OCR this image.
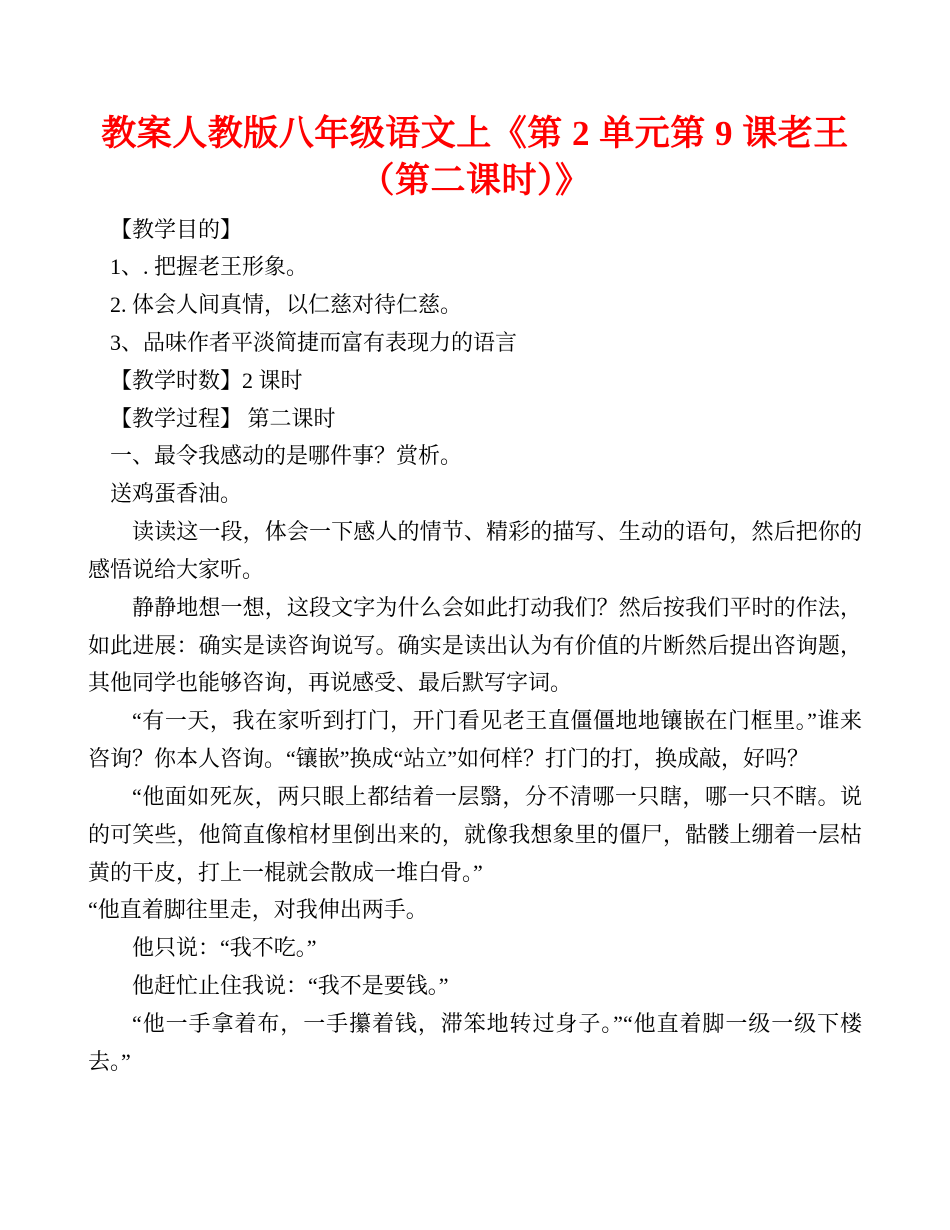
教案人教版八年级语文上《第 2 单元第 9 课老王（第二课时）》

【教学目的】

1、. 把握老王形象。

2. 体会人间真情，以仁慈对待仁慈。

3、品味作者平淡简捷而富有表现力的语言

【教学时数】2 课时

【教学过程】 第二课时

一、最令我感动的是哪件事？赏析。

送鸡蛋香油。

读读这一段，体会一下感人的情节、精彩的描写、生动的语句，然后把你的感悟说给大家听。

静静地想一想，这段文字为什么会如此打动我们？然后按我们平时的作法，如此进展：确实是读咨询说写。确实是读出认为有价值的片断然后提出咨询题，其他同学也能够咨询，再说感受、最后默写字词。

“有一天，我在家听到打门，开门看见老王直僵僵地地镶嵌在门框里。”谁来咨询？你本人咨询。“镶嵌”换成“站立”如何样？打门的打，换成敲，好吗？

“他面如死灰，两只眼上都结着一层翳，分不清哪一只瞎，哪一只不瞎。说的可笑些，他简直像棺材里倒出来的，就像我想象里的僵尸，骷髅上绷着一层枯黄的干皮，打上一棍就会散成一堆白骨。”

“他直着脚往里走，对我伸出两手。

他只说：“我不吃。”

他赶忙止住我说：“我不是要钱。”

“他一手拿着布，一手攥着钱，滞笨地转过身子。”“他直着脚一级一级下楼去。”
